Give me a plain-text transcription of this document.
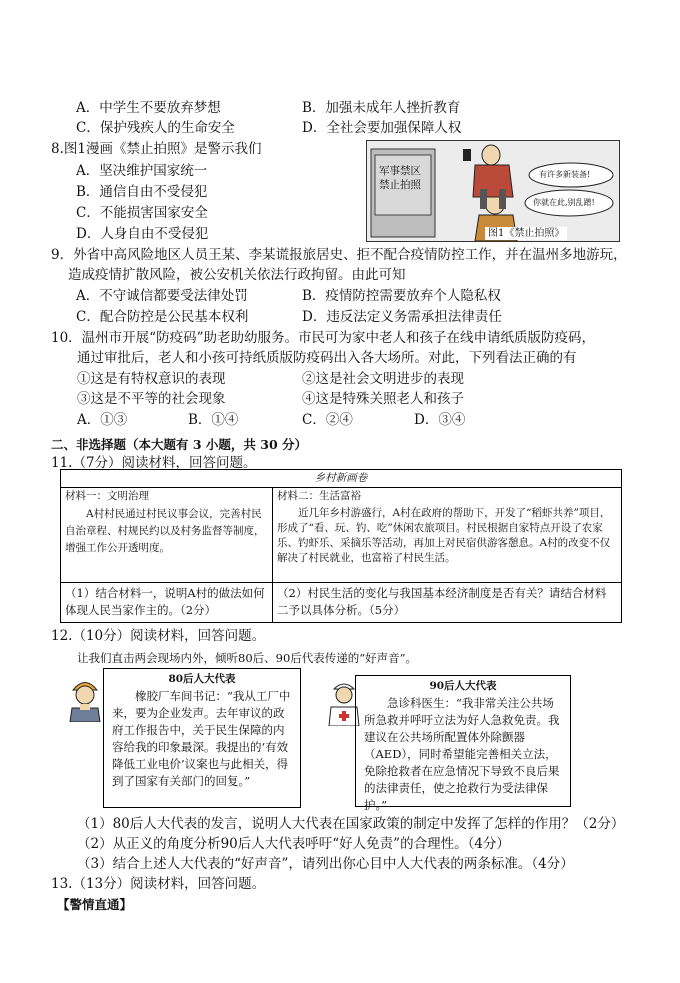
A．中学生不要放弃梦想	B．加强未成年人挫折教育
C．保护残疾人的生命安全	D．全社会要加强保障人权
8.图1漫画《禁止拍照》是警示我们
A．坚决维护国家统一
B．通信自由不受侵犯
C．不能损害国家安全
D．人身自由不受侵犯
军事禁区
禁止拍照
有许多新装备!
你就在此,别乱蹭!
图1《禁止拍照》
9．外省中高风险地区人员王某、李某谎报旅居史、拒不配合疫情防控工作，并在温州多地游玩，
造成疫情扩散风险，被公安机关依法行政拘留。由此可知
A．不守诚信都要受法律处罚	B．疫情防控需要放弃个人隐私权
C．配合防控是公民基本权利	D．违反法定义务需承担法律责任
10．温州市开展“防疫码”助老助幼服务。市民可为家中老人和孩子在线申请纸质版防疫码，
通过审批后，老人和小孩可持纸质版防疫码出入各大场所。对此，下列看法正确的有
①这是有特权意识的表现	②这是社会文明进步的表现
③这是不平等的社会现象	④这是特殊关照老人和孩子
A．①③	B．①④	C．②④	D．③④
二、非选择题（本大题有 3 小题，共 30 分）
11.（7分）阅读材料，回答问题。
乡村新画卷
材料一：文明治理
A村村民通过村民议事会议，完善村民自治章程、村规民约以及村务监督等制度，增强工作公开透明度。
材料二：生活富裕
近几年乡村游盛行，A村在政府的帮助下，开发了“稻虾共养”项目，形成了“看、玩、钓、吃”休闲农旅项目。村民根据自家特点开设了农家乐、钓虾乐、采摘乐等活动，再加上对民宿供游客憩息。A村的改变不仅解决了村民就业，也富裕了村民生活。
（1）结合材料一，说明A村的做法如何体现人民当家作主的。（2分）
（2）村民生活的变化与我国基本经济制度是否有关？请结合材料二予以具体分析。（5分）
12.（10分）阅读材料，回答问题。
让我们直击两会现场内外，倾听80后、90后代表传递的“好声音”。
80后人大代表
橡胶厂车间书记：“我从工厂中来，要为企业发声。去年审议的政府工作报告中，关于民生保障的内容给我的印象最深。我提出的‘有效降低工业电价’议案也与此相关，得到了国家有关部门的回复。”
90后人大代表
急诊科医生：“我非常关注公共场所急救并呼吁立法为好人急救免责。我建议在公共场所配置体外除颤器（AED），同时希望能完善相关立法，免除抢救者在应急情况下导致不良后果的法律责任，使之抢救行为受法律保护。”
（1）80后人大代表的发言，说明人大代表在国家政策的制定中发挥了怎样的作用？（2分）
（2）从正义的角度分析90后人大代表呼吁“好人免责”的合理性。（4分）
（3）结合上述人大代表的“好声音”，请列出你心目中人大代表的两条标准。（4分）
13.（13分）阅读材料，回答问题。
【警情直通】
